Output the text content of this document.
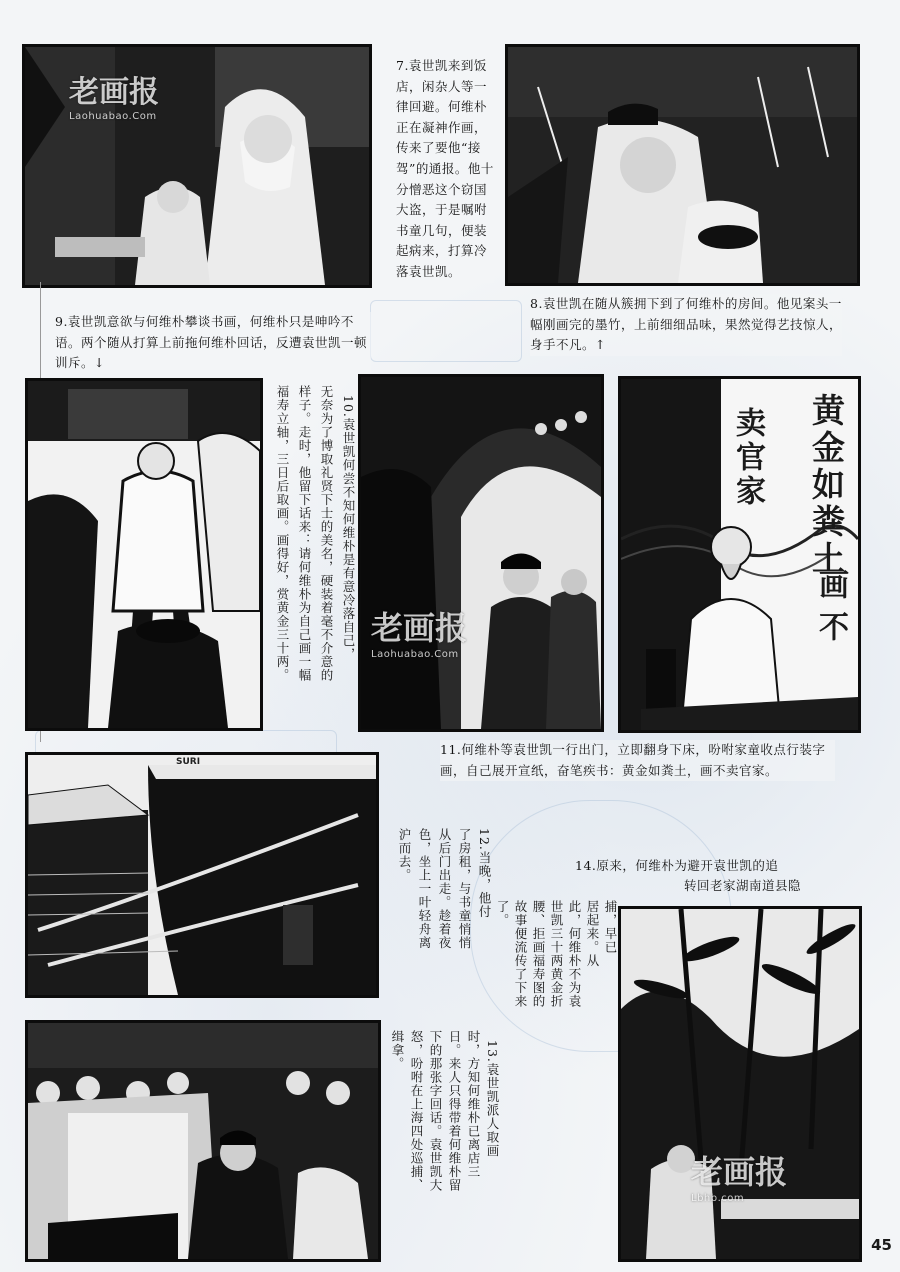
老画报
Laohuabao.Com
7.袁世凯来到饭店，闲杂人等一律回避。何维朴正在凝神作画，传来了要他“接驾”的通报。他十分憎恶这个窃国大盗，于是嘱咐书童几句，便装起病来，打算冷落袁世凯。
8.袁世凯在随从簇拥下到了何维朴的房间。他见案头一幅刚画完的墨竹，上前细细品味，果然觉得艺技惊人，身手不凡。↑
9.袁世凯意欲与何维朴攀谈书画，何维朴只是呻吟不语。两个随从打算上前拖何维朴回话，反遭袁世凯一顿训斥。↓
10.袁世凯何尝不知何维朴是有意冷落自己，
无奈为了博取礼贤下士的美名，硬装着毫不介意的
样子。走时，他留下话来：请何维朴为自己画一幅
福寿立轴，三日后取画。画得好，赏黄金三十两。	老画报
Laohuabao.Com
黄金如粪土
画不
卖官家
11.何维朴等袁世凯一行出门，立即翻身下床，吩咐家童收点行装字画，自己展开宣纸，奋笔疾书：黄金如粪土，画不卖官家。
SURI
12.当晚，他付
了房租，与书童悄悄
从后门出走。趁着夜
色，坐上一叶轻舟离
沪而去。	14.原来，何维朴为避开袁世凯的追
转回老家湖南道县隐
捕，早已
居起来。从
此，何维朴不为袁
世凯三十两黄金折
腰、拒画福寿图的
故事便流传了下来
了。
老画报
Lbhb.com
13.袁世凯派人取画
时，方知何维朴已离店三
日。来人只得带着何维朴留
下的那张字回话。袁世凯大
怒，吩咐在上海四处巡捕、
缉拿。
45
